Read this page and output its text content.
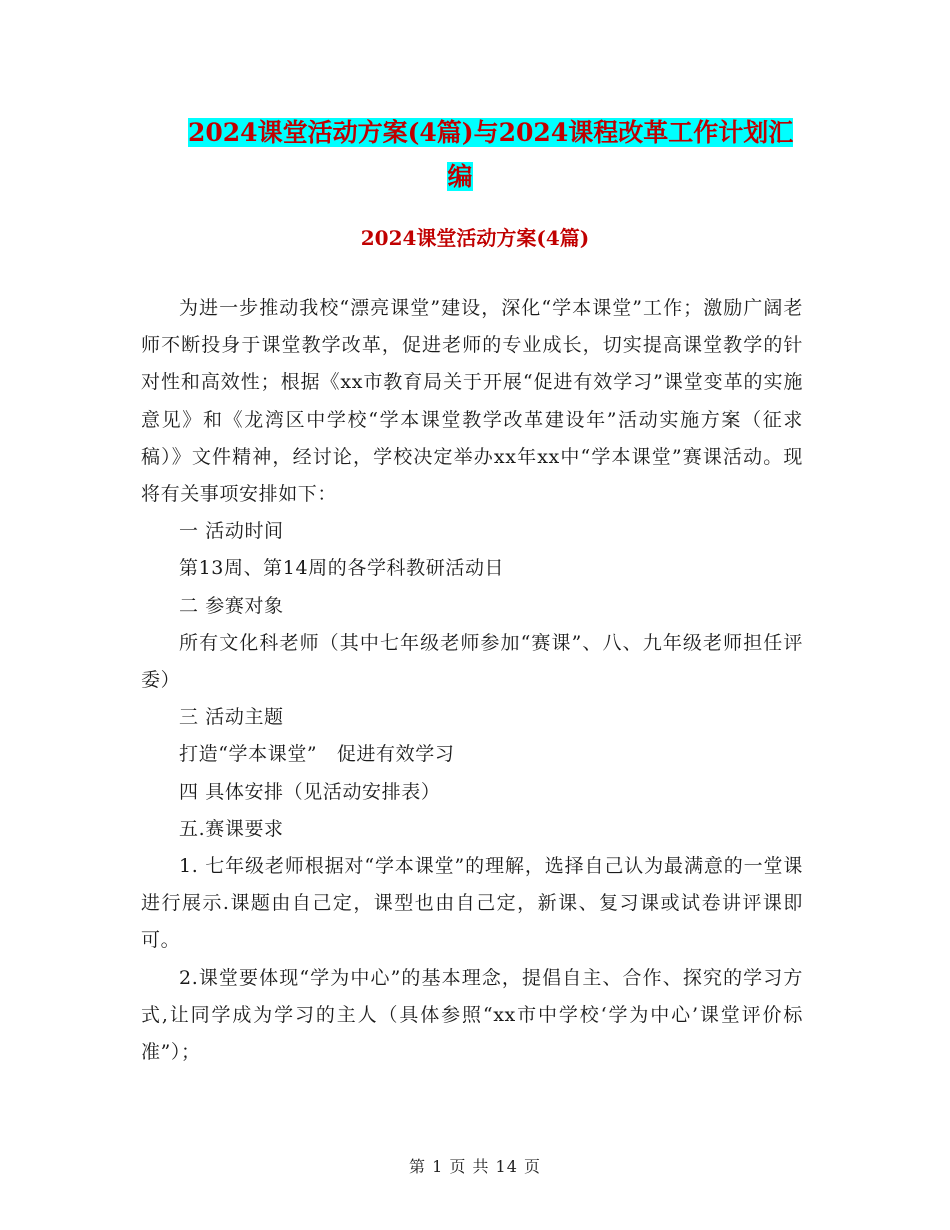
2024课堂活动方案(4篇)与2024课程改革工作计划汇
编
2024课堂活动方案(4篇)

为进一步推动我校“漂亮课堂”建设，深化“学本课堂”工作；激励广阔老师不断投身于课堂教学改革，促进老师的专业成长，切实提高课堂教学的针对性和高效性；根据《xx市教育局关于开展“促进有效学习”课堂变革的实施意见》和《龙湾区中学校“学本课堂教学改革建设年”活动实施方案（征求稿）》文件精神，经讨论，学校决定举办xx年xx中“学本课堂”赛课活动。现将有关事项安排如下：

一 活动时间

第13周、第14周的各学科教研活动日

二 参赛对象

所有文化科老师（其中七年级老师参加“赛课”、八、九年级老师担任评委）

三 活动主题

打造“学本课堂”　促进有效学习

四 具体安排（见活动安排表）

五.赛课要求

1. 七年级老师根据对“学本课堂”的理解，选择自己认为最满意的一堂课进行展示.课题由自己定，课型也由自己定，新课、复习课或试卷讲评课即可。

2.课堂要体现“学为中心”的基本理念，提倡自主、合作、探究的学习方式,让同学成为学习的主人（具体参照“xx市中学校‘学为中心’课堂评价标准”）；

第 1 页 共 14 页
